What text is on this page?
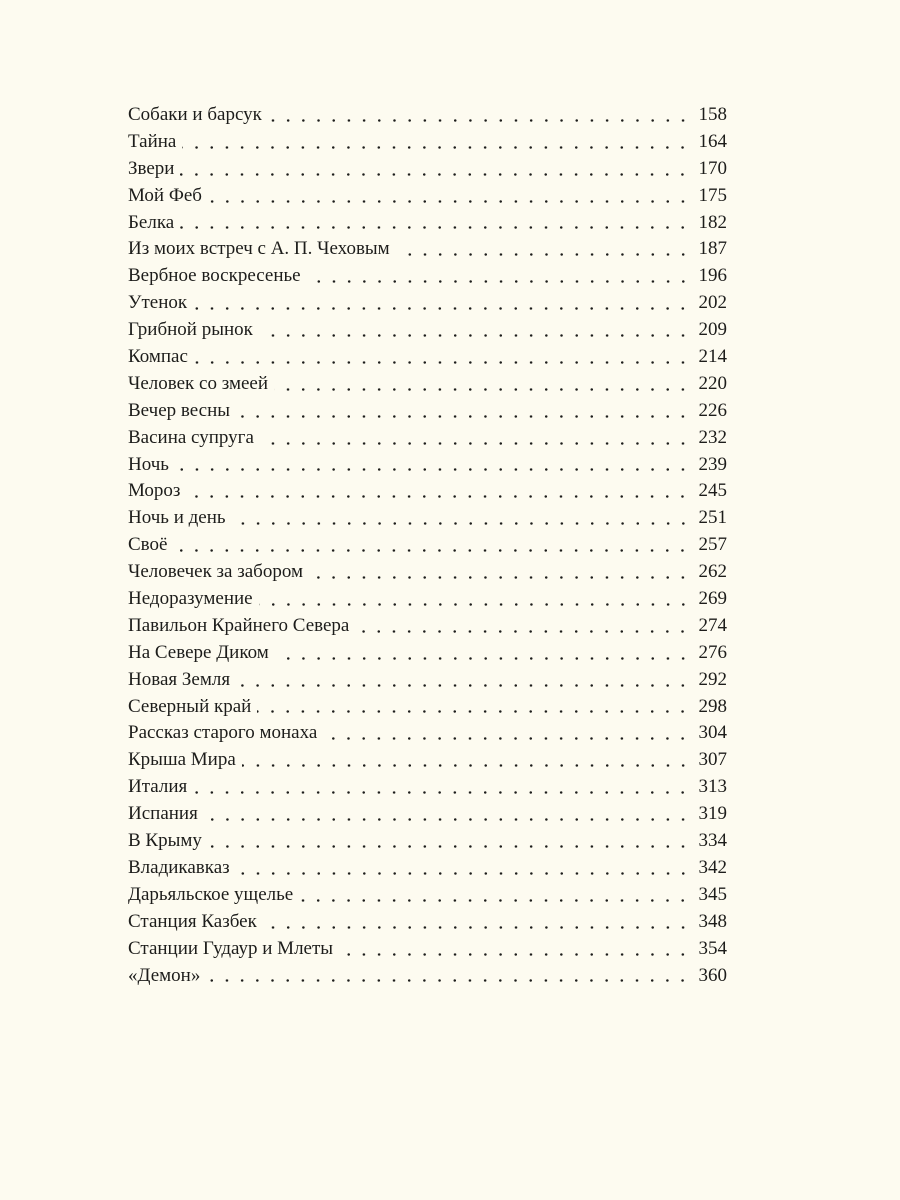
Собаки и барсук	158
Тайна	164
Звери	170
Мой Феб	175
Белка	182
Из моих встреч с А. П. Чеховым	187
Вербное воскресенье	196
Утенок	202
Грибной рынок	209
Компас	214
Человек со змеей	220
Вечер весны	226
Васина супруга	232
Ночь	239
Мороз	245
Ночь и день	251
Своё	257
Человечек за забором	262
Недоразумение	269
Павильон Крайнего Севера	274
На Севере Диком	276
Новая Земля	292
Северный край	298
Рассказ старого монаха	304
Крыша Мира	307
Италия	313
Испания	319
В Крыму	334
Владикавказ	342
Дарьяльское ущелье	345
Станция Казбек	348
Станции Гудаур и Млеты	354
«Демон»	360
